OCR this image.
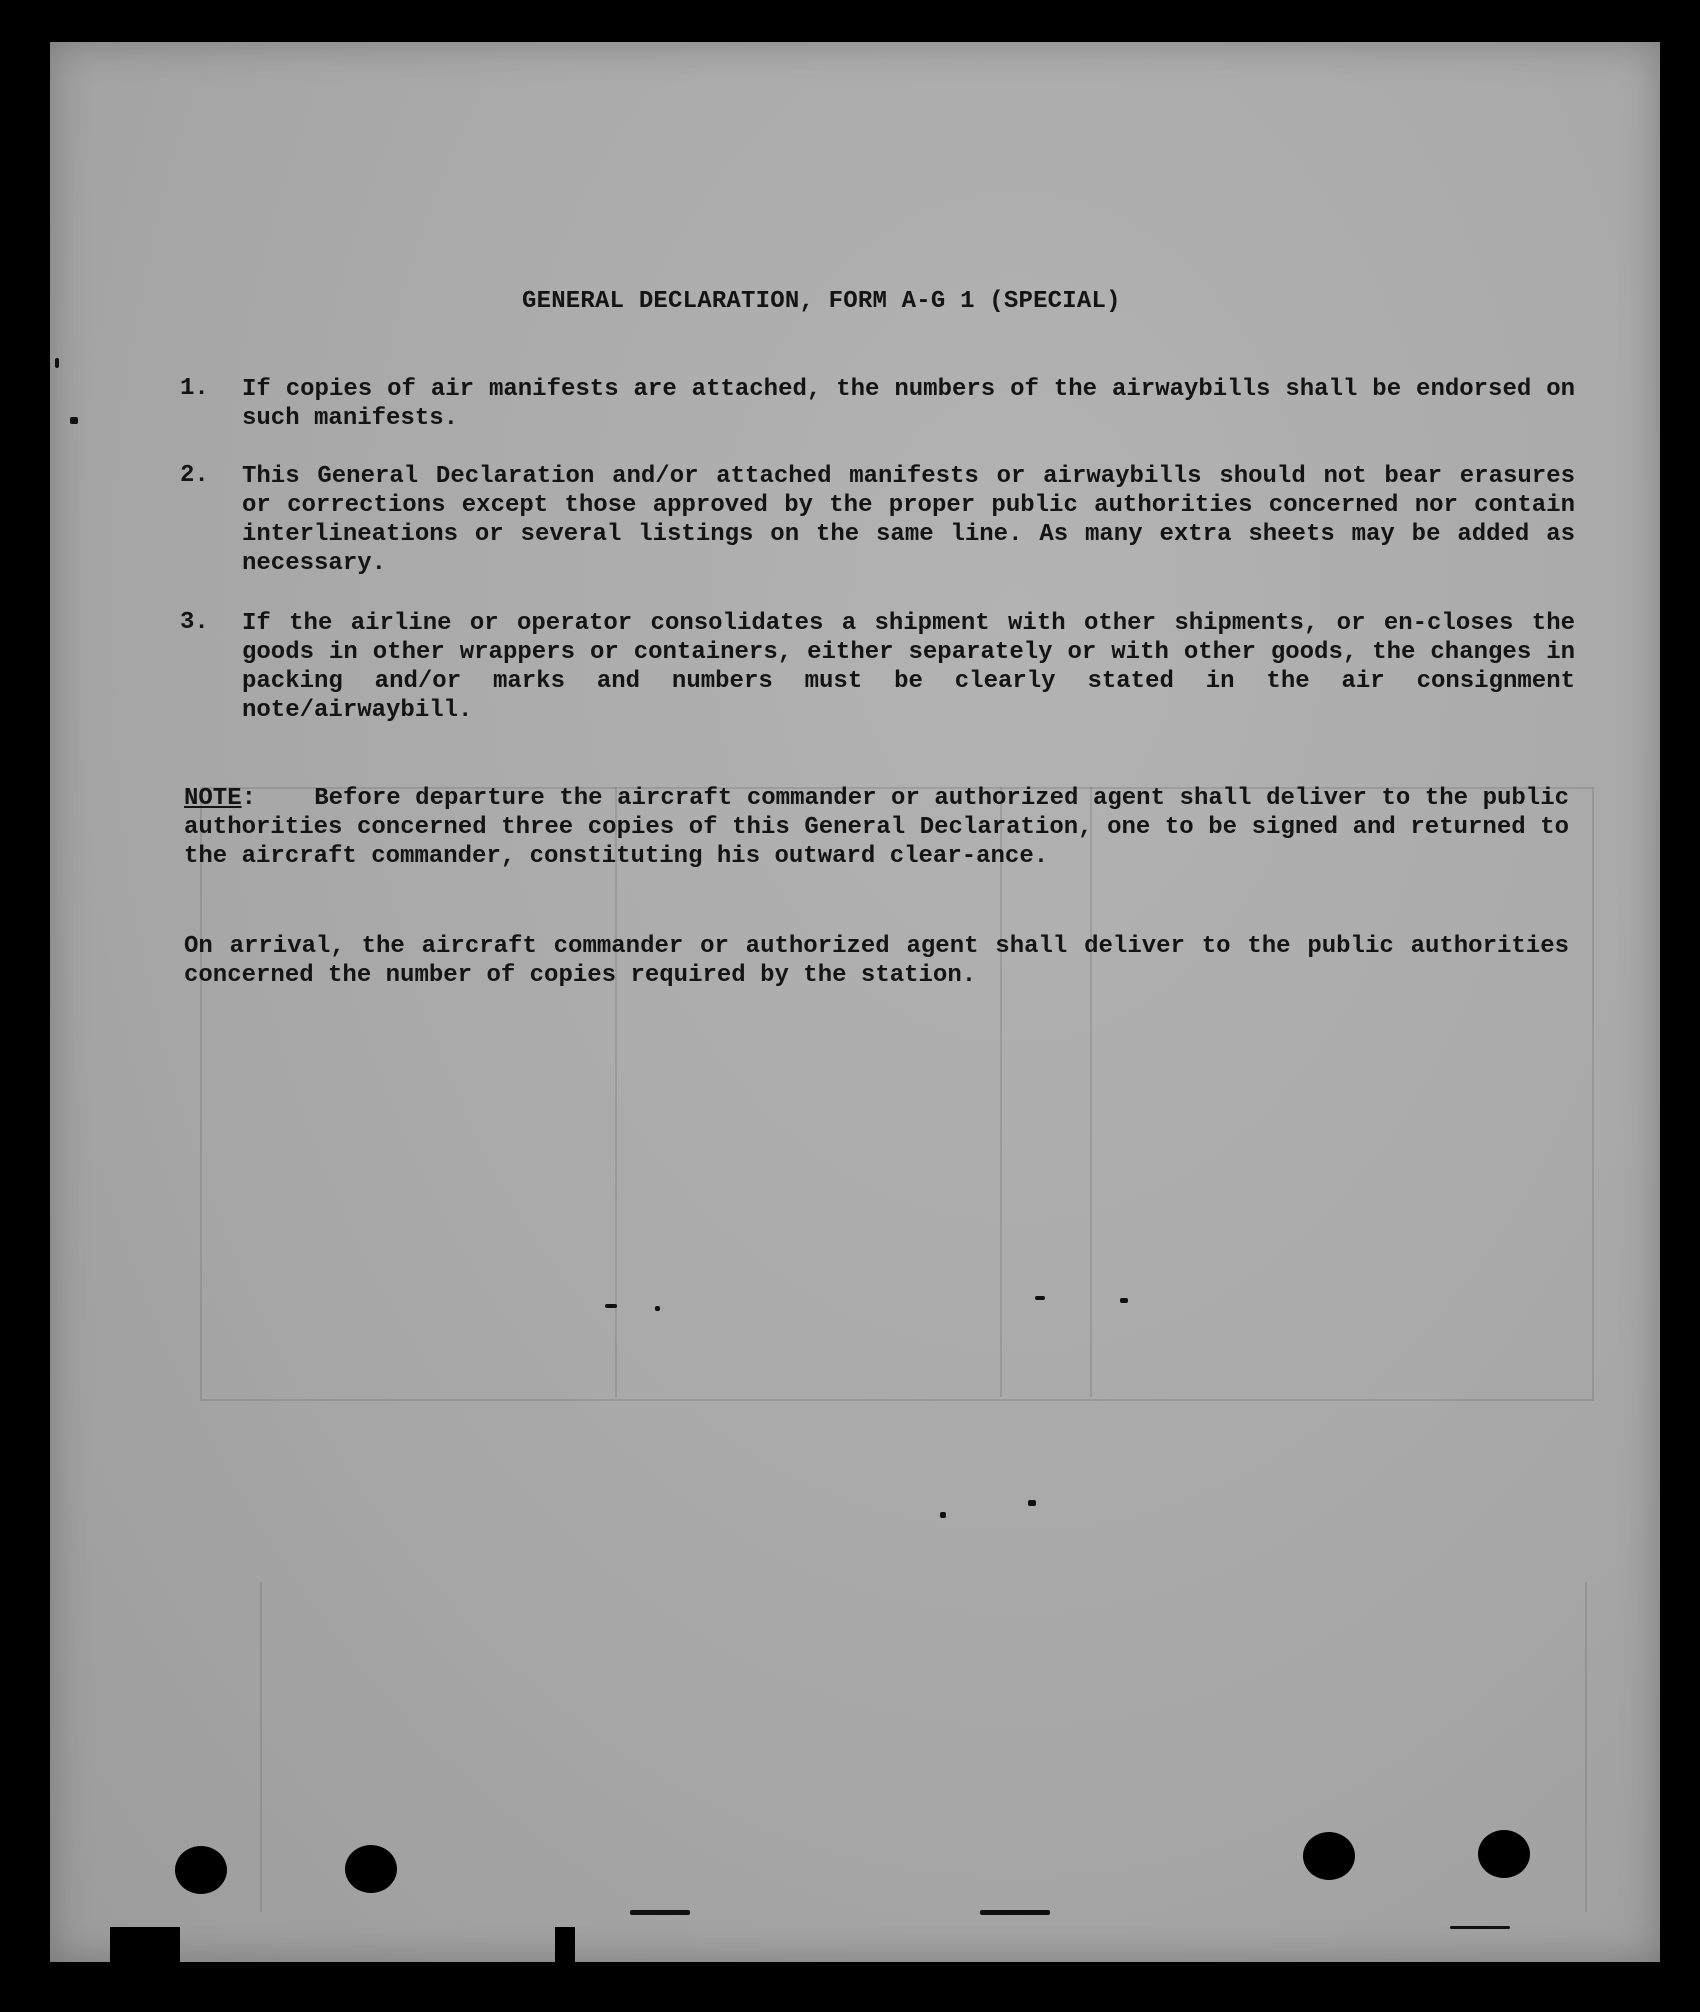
GENERAL DECLARATION, FORM A-G 1 (SPECIAL)
1. If copies of air manifests are attached, the numbers of the airwaybills shall be endorsed on such manifests.
2. This General Declaration and/or attached manifests or airwaybills should not bear erasures or corrections except those approved by the proper public authorities concerned nor contain interlineations or several listings on the same line. As many extra sheets may be added as necessary.
3. If the airline or operator consolidates a shipment with other shipments, or en-closes the goods in other wrappers or containers, either separately or with other goods, the changes in packing and/or marks and numbers must be clearly stated in the air consignment note/airwaybill.
NOTE: Before departure the aircraft commander or authorized agent shall deliver to the public authorities concerned three copies of this General Declaration, one to be signed and returned to the aircraft commander, constituting his outward clear-ance.
On arrival, the aircraft commander or authorized agent shall deliver to the public authorities concerned the number of copies required by the station.
